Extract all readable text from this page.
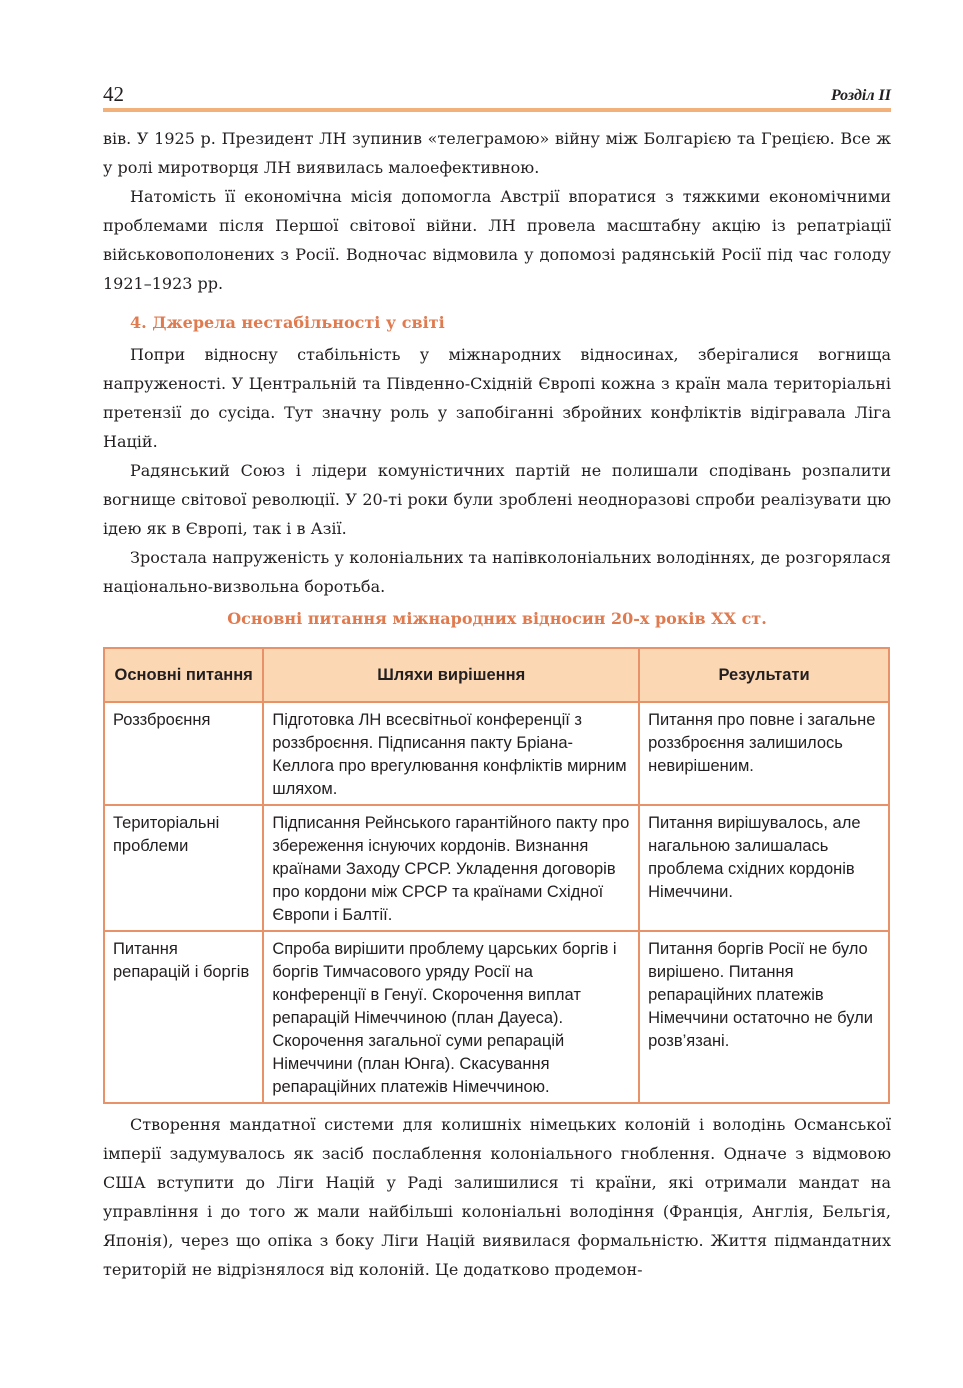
42	Розділ II

вів. У 1925 р. Президент ЛН зупинив «телеграмою» війну між Болгарією та Грецією. Все ж у ролі миротворця ЛН виявилась малоефективною.

Натомість її економічна місія допомогла Австрії впоратися з тяжкими економічними проблемами після Першої світової війни. ЛН провела масштабну акцію із репатріації військовополонених з Росії. Водночас відмовила у допомозі радянській Росії під час голоду 1921–1923 рр.

4. Джерела нестабільності у світі

Попри відносну стабільність у міжнародних відносинах, зберігалися вогнища напруженості. У Центральній та Південно-Східній Європі кожна з країн мала територіальні претензії до сусіда. Тут значну роль у запобіганні збройних конфліктів відігравала Ліга Націй.

Радянський Союз і лідери комуністичних партій не полишали сподівань розпалити вогнище світової революції. У 20-ті роки були зроблені неодноразові спроби реалізувати цю ідею як в Європі, так і в Азії.

Зростала напруженість у колоніальних та напівколоніальних володіннях, де розгорялася національно-визвольна боротьба.

Основні питання міжнародних відносин 20-х років XX ст.
Основні питання	Шляхи вирішення	Результати
Роззброєння	Підготовка ЛН всесвітньої конференції з роззброєння. Підписання пакту Бріана-Келлога про врегулювання конфліктів мирним шляхом.	Питання про повне і загальне роззброєння залишилось невирішеним.
Територіальні проблеми	Підписання Рейнського гарантійного пакту про збереження існуючих кордонів. Визнання країнами Заходу СРСР. Укладення договорів про кордони між СРСР та країнами Східної Європи і Балтії.	Питання вирішувалось, але нагальною залишалась проблема східних кордонів Німеччини.
Питання репарацій і боргів	Спроба вирішити проблему царських боргів і боргів Тимчасового уряду Росії на конференції в Генуї. Скорочення виплат репарацій Німеччиною (план Дауеса). Скорочення загальної суми репарацій Німеччини (план Юнга). Скасування репараційних платежів Німеччиною.	Питання боргів Росії не було вирішено. Питання репараційних платежів Німеччини остаточно не були розв’язані.

Створення мандатної системи для колишніх німецьких колоній і володінь Османської імперії задумувалось як засіб послаблення колоніального гноблення. Одначе з відмовою США вступити до Ліги Націй у Раді залишилися ті країни, які отримали мандат на управління і до того ж мали найбільші колоніальні володіння (Франція, Англія, Бельгія, Японія), через що опіка з боку Ліги Націй виявилася формальністю. Життя підмандатних територій не відрізнялося від колоній. Це додатково продемон-
